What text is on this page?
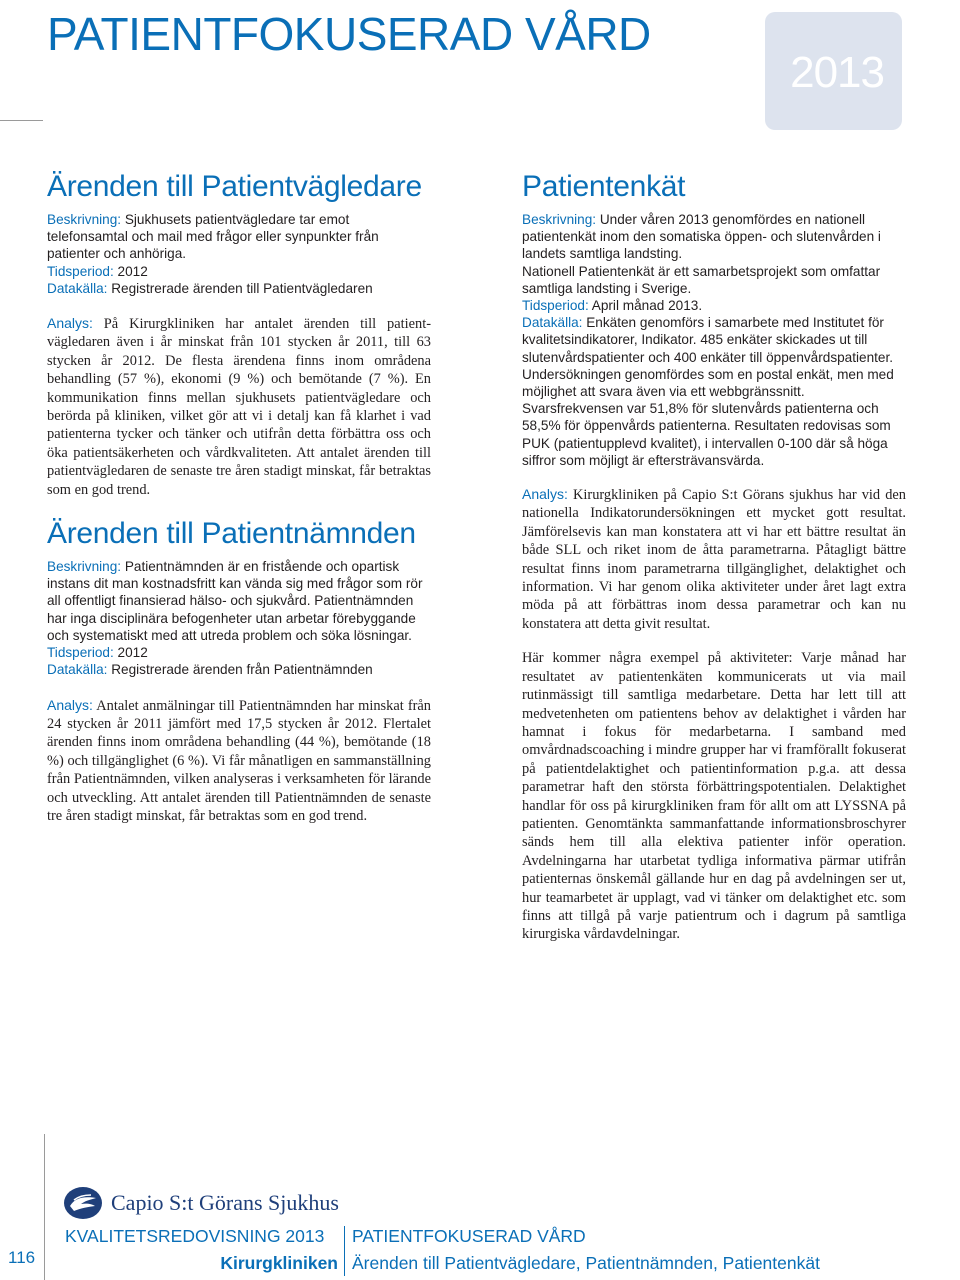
PATIENTFOKUSERAD VÅRD
2013
Ärenden till Patientvägledare

Beskrivning: Sjukhusets patientvägledare tar emot telefonsamtal och mail med frågor eller synpunkter från patienter och anhöriga.

Tidsperiod: 2012

Datakälla: Registrerade ärenden till Patientvägledaren

Analys: På Kirurgkliniken har antalet ärenden till patientvägledaren även i år minskat från 101 stycken år 2011, till 63 stycken år 2012. De flesta ärendena finns inom områdena behandling (57 %), ekonomi (9 %) och bemötande (7 %). En kommunikation finns mellan sjukhusets patientvägledare och berörda på kliniken, vilket gör att vi i detalj kan få klarhet i vad patienterna tycker och tänker och utifrån detta förbättra oss och öka patientsäkerheten och vårdkvaliteten. Att antalet ärenden till patientvägledaren de senaste tre åren stadigt minskat, får betraktas som en god trend.

Ärenden till Patientnämnden

Beskrivning: Patientnämnden är en fristående och opartisk instans dit man kostnadsfritt kan vända sig med frågor som rör all offentligt finansierad hälso- och sjukvård. Patientnämnden har inga disciplinära befogenheter utan arbetar förebyggande och systematiskt med att utreda problem och söka lösningar.

Tidsperiod: 2012

Datakälla: Registrerade ärenden från Patientnämnden

Analys: Antalet anmälningar till Patientnämnden har minskat från 24 stycken år 2011 jämfört med 17,5 stycken år 2012. Flertalet ärenden finns inom områdena behandling (44 %), bemötande (18 %) och tillgänglighet (6 %). Vi får månatligen en sammanställning från Patientnämnden, vilken analyseras i verksamheten för lärande och utveckling. Att antalet ärenden till Patientnämnden de senaste tre åren stadigt minskat, får betraktas som en god trend.

Patientenkät

Beskrivning: Under våren 2013 genomfördes en nationell patientenkät inom den somatiska öppen- och slutenvården i landets samtliga landsting.

Nationell Patientenkät är ett samarbetsprojekt som omfattar samtliga landsting i Sverige.

Tidsperiod: April månad 2013.

Datakälla: Enkäten genomförs i samarbete med Institutet för kvalitetsindikatorer, Indikator. 485 enkäter skickades ut till slutenvårdspatienter och 400 enkäter till öppenvårdspatienter. Undersökningen genomfördes som en postal enkät, men med möjlighet att svara även via ett webbgränssnitt. Svarsfrekvensen var 51,8% för slutenvårds patienterna och 58,5% för öppenvårds patienterna. Resultaten redovisas som PUK (patientupplevd kvalitet), i intervallen 0-100 där så höga siffror som möjligt är eftersträvansvärda.

Analys: Kirurgkliniken på Capio S:t Görans sjukhus har vid den nationella Indikatorundersökningen ett mycket gott resultat. Jämförelsevis kan man konstatera att vi har ett bättre resultat än både SLL och riket inom de åtta parametrarna. Påtagligt bättre resultat finns inom parametrarna tillgänglighet, delaktighet och information. Vi har genom olika aktiviteter under året lagt extra möda på att förbättras inom dessa parametrar och kan nu konstatera att detta givit resultat.

Här kommer några exempel på aktiviteter: Varje månad har resultatet av patientenkäten kommunicerats ut via mail rutinmässigt till samtliga medarbetare. Detta har lett till att medvetenheten om patientens behov av delaktighet i vården har hamnat i fokus för medarbetarna. I samband med omvårdnadscoaching i mindre grupper har vi framförallt fokuserat på patientdelaktighet och patientinformation p.g.a. att dessa parametrar haft den största förbättringspotentialen. Delaktighet handlar för oss på kirurgkliniken fram för allt om att LYSSNA på patienten. Genomtänkta sammanfattande informationsbroschyrer sänds hem till alla elektiva patienter inför operation. Avdelningarna har utarbetat tydliga informativa pärmar utifrån patienternas önskemål gällande hur en dag på avdelningen ser ut, hur teamarbetet är upplagt, vad vi tänker om delaktighet etc. som finns att tillgå på varje patientrum och i dagrum på samtliga kirurgiska vårdavdelningar.

Capio S:t Görans Sjukhus
116
KVALITETSREDOVISNING 2013
Kirurgkliniken
PATIENTFOKUSERAD VÅRD
Ärenden till Patientvägledare, Patientnämnden, Patientenkät
